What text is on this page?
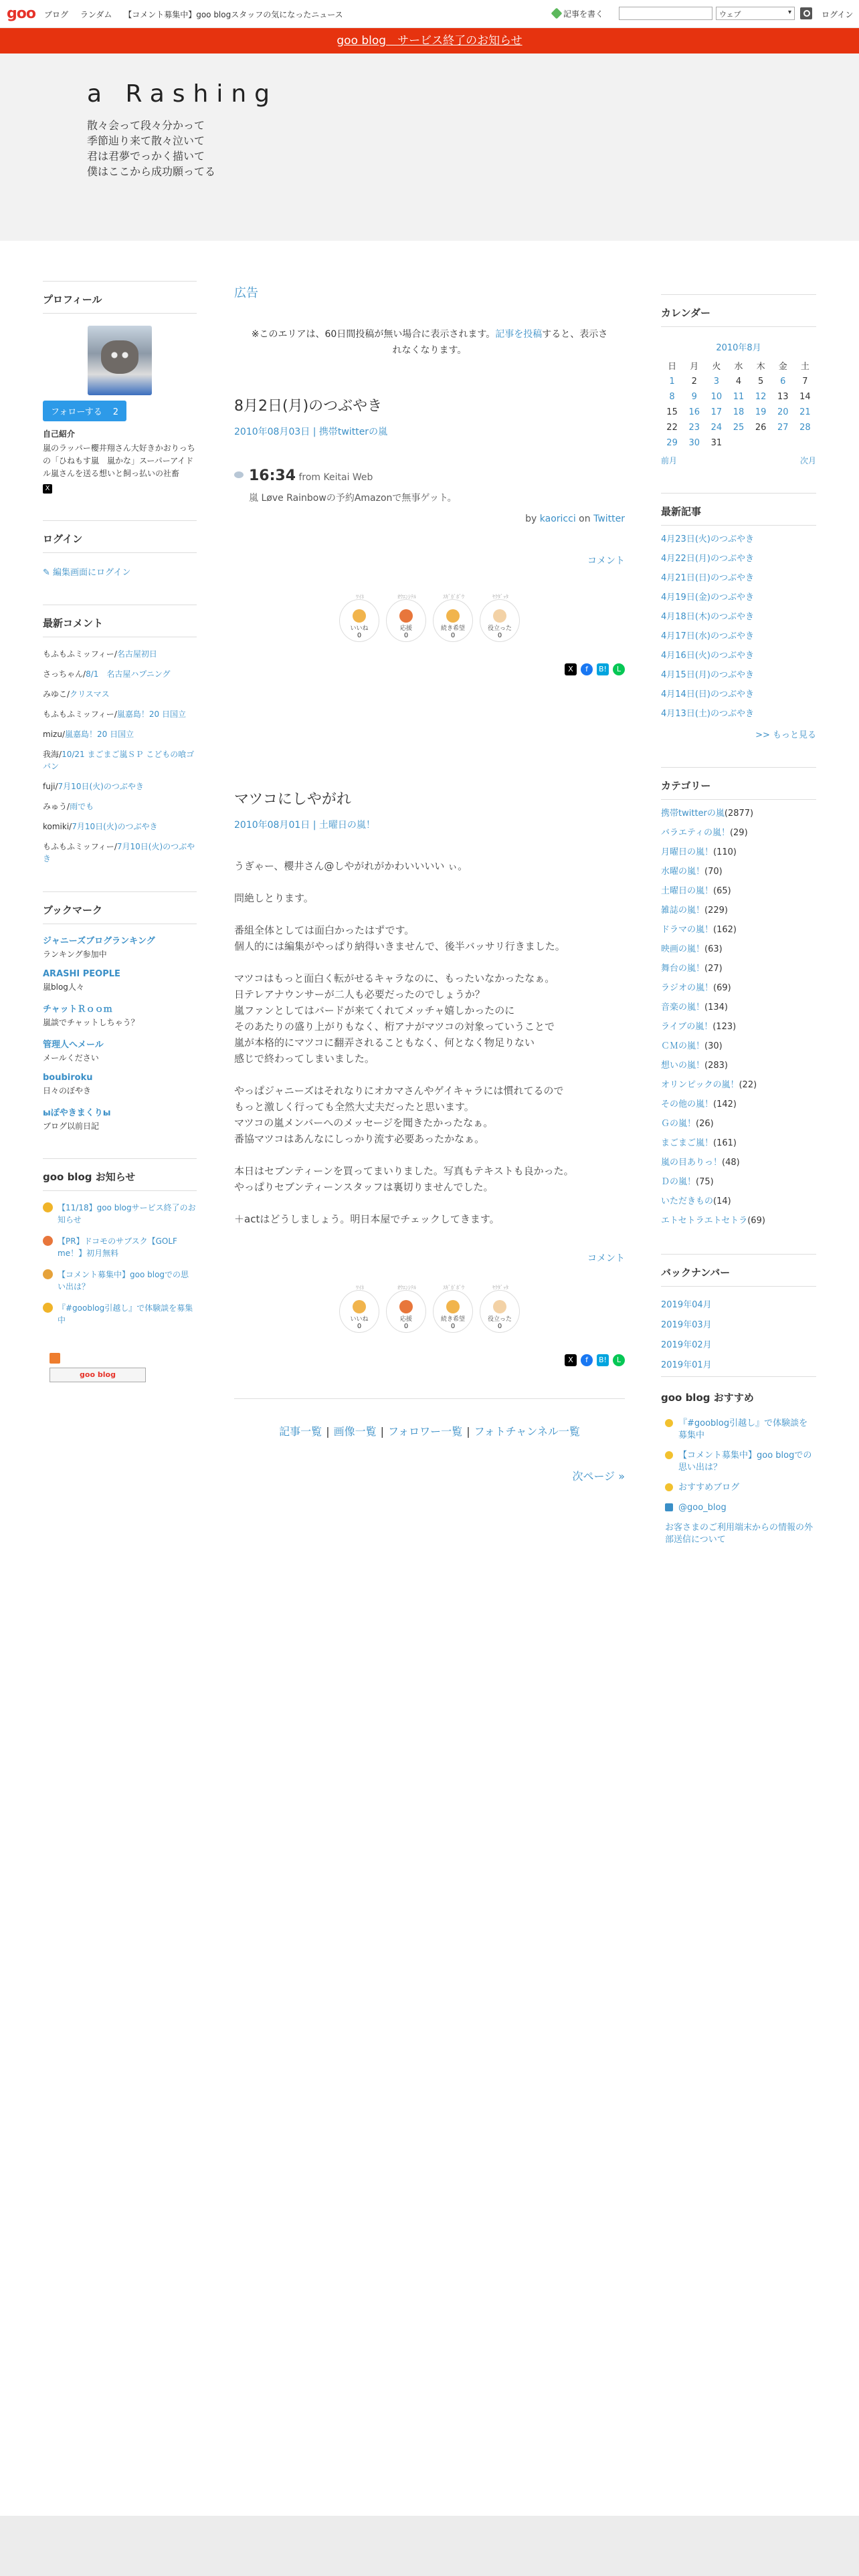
goo ブログ ランダム 【コメント募集中】goo blogスタッフの気になったニュース	記事を書く	ウェブ	▾	ログイン
goo blog　サービス終了のお知らせ
a Rashing
散々会って段々分かって
季節辿り来て散々泣いて
君は君夢でっかく描いて
僕はここから成功願ってる
プロフィール
フォローする 2
自己紹介
嵐のラッパー櫻井翔さん大好きかおりっちの「ひねもす嵐　嵐かな」スーパーアイドル嵐さんを送る想いと飼っ払いの社畜
X
ログイン
✎ 編集画面にログイン
最新コメント
もふもふミッフィー/名古屋初日
さっちゃん/8/1　名古屋ハプニング
みゆこ/クリスマス
もふもふミッフィー/嵐嘉島！20 日国立
mizu/嵐嘉島！20 日国立
我海/10/21 まごまご嵐ＳＰ こどもの喰ゴバン
fuji/7月10日(火)のつぶやき
みゅう/雨でも
komiki/7月10日(火)のつぶやき
もふもふミッフィー/7月10日(火)のつぶやき
ブックマーク
ジャニーズブログランキング
ランキング参加中
ARASHI PEOPLE
嵐blog人々
チャットＲｏｏｍ
嵐談でチャットしちゃう？
管理人へメール
メールください
boubiroku
日々のぼやき
ыぽやきまくりы
ブログ以前日記
goo blog お知らせ
【11/18】goo blogサービス終了のお知らせ
【PR】ドコモのサブスク【GOLF me！】初月無料
【コメント募集中】goo blogでの思い出は？
『#gooblog引越し』で体験談を募集中
goo blog
広告
※このエリアは、60日間投稿が無い場合に表示されます。記事を投稿すると、表示されなくなります。
8月2日(月)のつぶやき
2010年08月03日 | 携帯twitterの嵐
16:34 from Keitai Web
嵐 Løve Rainbowの予約Amazonで無事ゲット。
by kaoricci on Twitter
コメント
ﾜｲﾈ
いいね
0
ｵｳｴﾝｼﾃﾙ
応援
0
ｽｷﾞｶﾞﾎﾞｳ
続き希望
0
ﾔｸﾀﾞｯﾀ
役立った
0
X	f	B!	L
マツコにしやがれ
2010年08月01日 | 土曜日の嵐！
うぎゃー、櫻井さん@しやがれがかわいいいい ぃ。

問絶しとります。

番組全体としては面白かったはずです。
個人的には編集がやっぱり納得いきませんで、後半バッサリ行きました。

マツコはもっと面白く転がせるキャラなのに、もったいなかったなぁ。
日テレアナウンサーが二人も必要だったのでしょうか？
嵐ファンとしてはバードが来てくれてメッチャ嬉しかったのに
そのあたりの盛り上がりもなく、桁アナがマツコの対象っていうことで
嵐が本格的にマツコに翻弄されることもなく、何となく物足りない
感じで終わってしまいました。

やっぱジャニーズはそれなりにオカマさんやゲイキャラには慣れてるので
もっと激しく行っても全然大丈夫だったと思います。
マツコの嵐メンバーへのメッセージを聞きたかったなぁ。
番協マツコはあんなにしっかり流す必要あったかなぁ。

本日はセブンティーンを買ってまいりました。写真もテキストも良かった。
やっぱりセブンティーンスタッフは裏切りませんでした。

＋actはどうしましょう。明日本屋でチェックしてきます。
コメント
ﾜｲﾈ
いいね
0
ｵｳｴﾝｼﾃﾙ
応援
0
ｽｷﾞｶﾞﾎﾞｳ
続き希望
0
ﾔｸﾀﾞｯﾀ
役立った
0
X	f	B!	L
記事一覧 | 画像一覧 | フォロワー一覧 | フォトチャンネル一覧
次ページ »
カレンダー
2010年8月
日	月	火	水	木	金	土
1	2	3	4	5	6	7
8	9	10	11	12	13	14
15	16	17	18	19	20	21
22	23	24	25	26	27	28
29	30	31				
前月	次月
最新記事
4月23日(火)のつぶやき
4月22日(月)のつぶやき
4月21日(日)のつぶやき
4月19日(金)のつぶやき
4月18日(木)のつぶやき
4月17日(水)のつぶやき
4月16日(火)のつぶやき
4月15日(月)のつぶやき
4月14日(日)のつぶやき
4月13日(土)のつぶやき
>> もっと見る
カテゴリー
携帯twitterの嵐(2877)
バラエティの嵐！(29)
月曜日の嵐！(110)
水曜の嵐！(70)
土曜日の嵐！(65)
雑誌の嵐！(229)
ドラマの嵐！(162)
映画の嵐！(63)
舞台の嵐！(27)
ラジオの嵐！(69)
音楽の嵐！(134)
ライブの嵐！(123)
ＣＭの嵐！(30)
想いの嵐！(283)
オリンピックの嵐！(22)
その他の嵐！(142)
Ｇの嵐！(26)
まごまご嵐！(161)
嵐の目ありっ！(48)
Ｄの嵐！(75)
いただきもの(14)
エトセトラエトセトラ(69)
バックナンバー
2019年04月
2019年03月
2019年02月
2019年01月
goo blog おすすめ
『#gooblog引越し』で体験談を募集中
【コメント募集中】goo blogでの思い出は？
おすすめブログ
@goo_blog
お客さまのご利用端末からの情報の外部送信について
